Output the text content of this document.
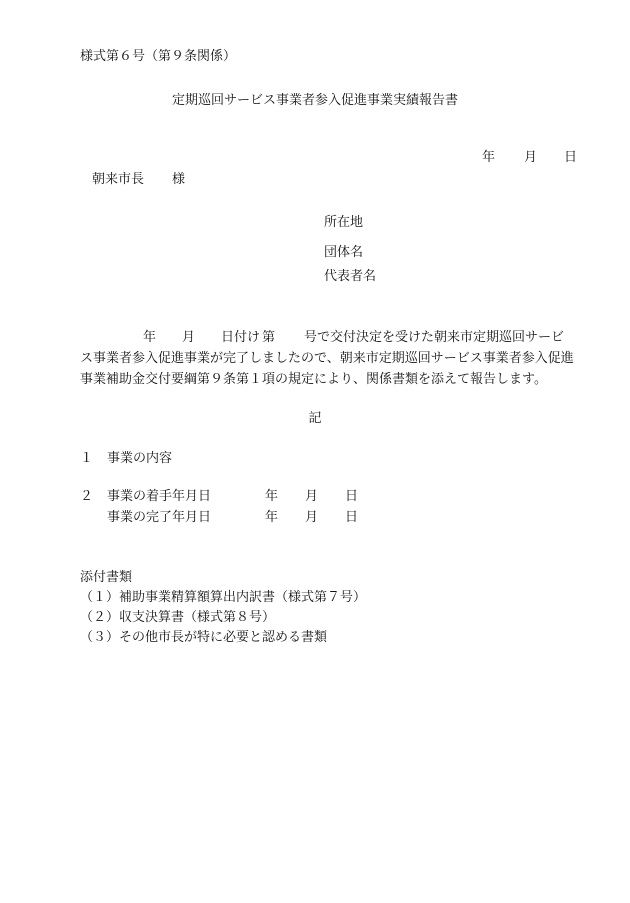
様式第６号（第９条関係）
定期巡回サービス事業者参入促進事業実績報告書
年 月 日
朝来市長 様
所在地
団体名
代表者名
年 月 日付け 第 号で交付決定を受けた朝来市定期巡回サービ
ス事業者参入促進事業が完了しましたので、朝来市定期巡回サービス事業者参入促進
事業補助金交付要綱第９条第１項の規定により、関係書類を添えて報告します。
記
１ 事業の内容
２ 事業の着手年月日	年 月 日
事業の完了年月日	年 月 日
添付書類
（１）補助事業精算額算出内訳書（様式第７号）
（２）収支決算書（様式第８号）
（３）その他市長が特に必要と認める書類
